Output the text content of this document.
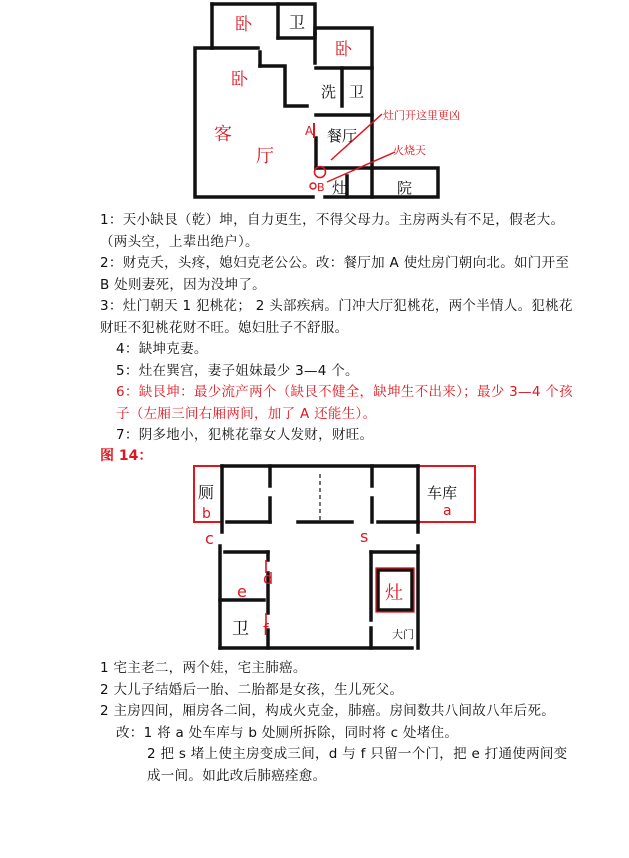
卧 卫
卧
卧
洗 卫
客
厅
餐厅
灶	院
A
B
灶门开这里更凶
火烧天

1：天小缺艮（乾）坤，自力更生，不得父母力。主房两头有不足，假老大。（两头空，上辈出绝户）。

2：财克夭，头疼，媳妇克老公公。改：餐厅加 A 使灶房门朝向北。如门开至 B 处则妻死，因为没坤了。

3：灶门朝天 1 犯桃花； 2 头部疾病。门冲大厅犯桃花，两个半情人。犯桃花财旺不犯桃花财不旺。媳妇肚子不舒服。

4：缺坤克妻。

5：灶在巽宫，妻子姐妹最少 3—4 个。

6：缺艮坤：最少流产两个（缺艮不健全，缺坤生不出来）；最少 3—4 个孩子（左厢三间右厢两间，加了 A 还能生）。

7：阴多地小，犯桃花靠女人发财，财旺。

图 14：
厕	车库
灶
卫	大门
b	a
c	s
d
e
f

1 宅主老二，两个娃，宅主肺癌。

2 大儿子结婚后一胎、二胎都是女孩，生儿死父。

2 主房四间，厢房各二间，构成火克金，肺癌。房间数共八间故八年后死。

改：1 将 a 处车库与 b 处厕所拆除，同时将 c 处堵住。

2 把 s 堵上使主房变成三间，d 与 f 只留一个门，把 e 打通使两间变成一间。如此改后肺癌痊愈。
